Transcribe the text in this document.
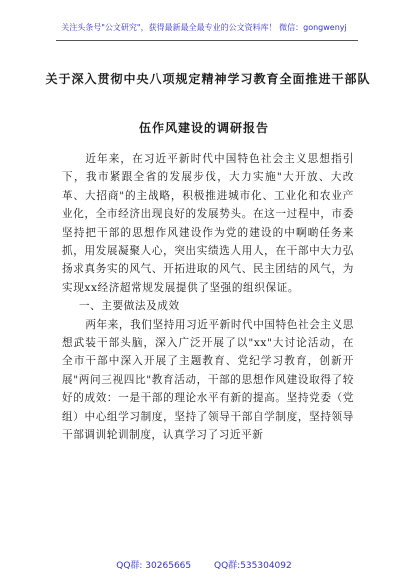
关注头条号"公文研究"，获得最新最全最专业的公文资料库！ 微信：gongwenyj
关于深入贯彻中央八项规定精神学习教育全面推进干部队
伍作风建设的调研报告

近年来，在习近平新时代中国特色社会主义思想指引下，我市紧跟全省的发展步伐，大力实施"大开放、大改革、大招商"的主战略，积极推进城市化、工业化和农业产业化，全市经济出现良好的发展势头。在这一过程中，市委坚持把干部的思想作风建设作为党的建设的中啊啲任务来抓，用发展凝聚人心，突出实绩选人用人，在干部中大力弘扬求真务实的风气、开拓进取的风气、民主团结的风气，为实现xx经济超常规发展提供了坚强的组织保证。

一、主要做法及成效

两年来，我们坚持用习近平新时代中国特色社会主义思想武装干部头脑，深入广泛开展了以"xx"大讨论活动，在全市干部中深入开展了主题教育、党纪学习教育，创新开展"两问三视四比"教育活动，干部的思想作风建设取得了较好的成效：一是干部的理论水平有新的提高。坚持党委（党组）中心组学习制度，坚持了领导干部自学制度，坚持领导干部调训轮训制度，认真学习了习近平新

QQ群: 30265665	QQ群:535304092
